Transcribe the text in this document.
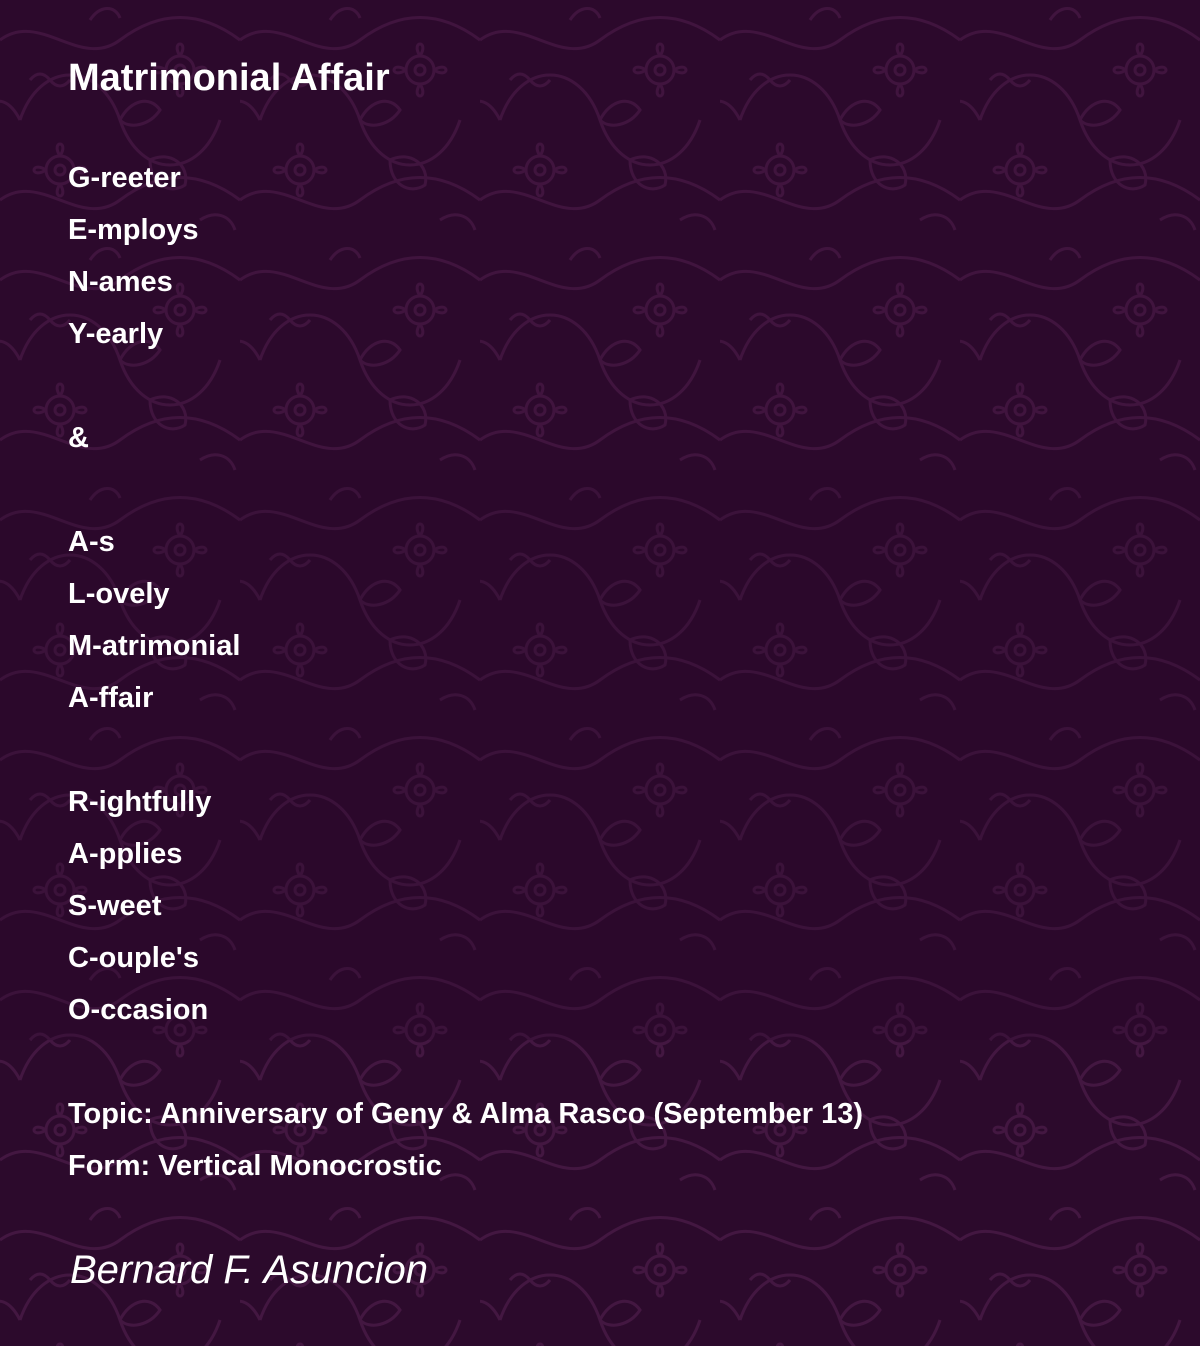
Matrimonial Affair
G-reeter
E-mploys
N-ames
Y-early
&
A-s
L-ovely
M-atrimonial
A-ffair
R-ightfully
A-pplies
S-weet
C-ouple's
O-ccasion
Topic: Anniversary of Geny & Alma Rasco (September 13)
Form: Vertical Monocrostic
Bernard F. Asuncion
